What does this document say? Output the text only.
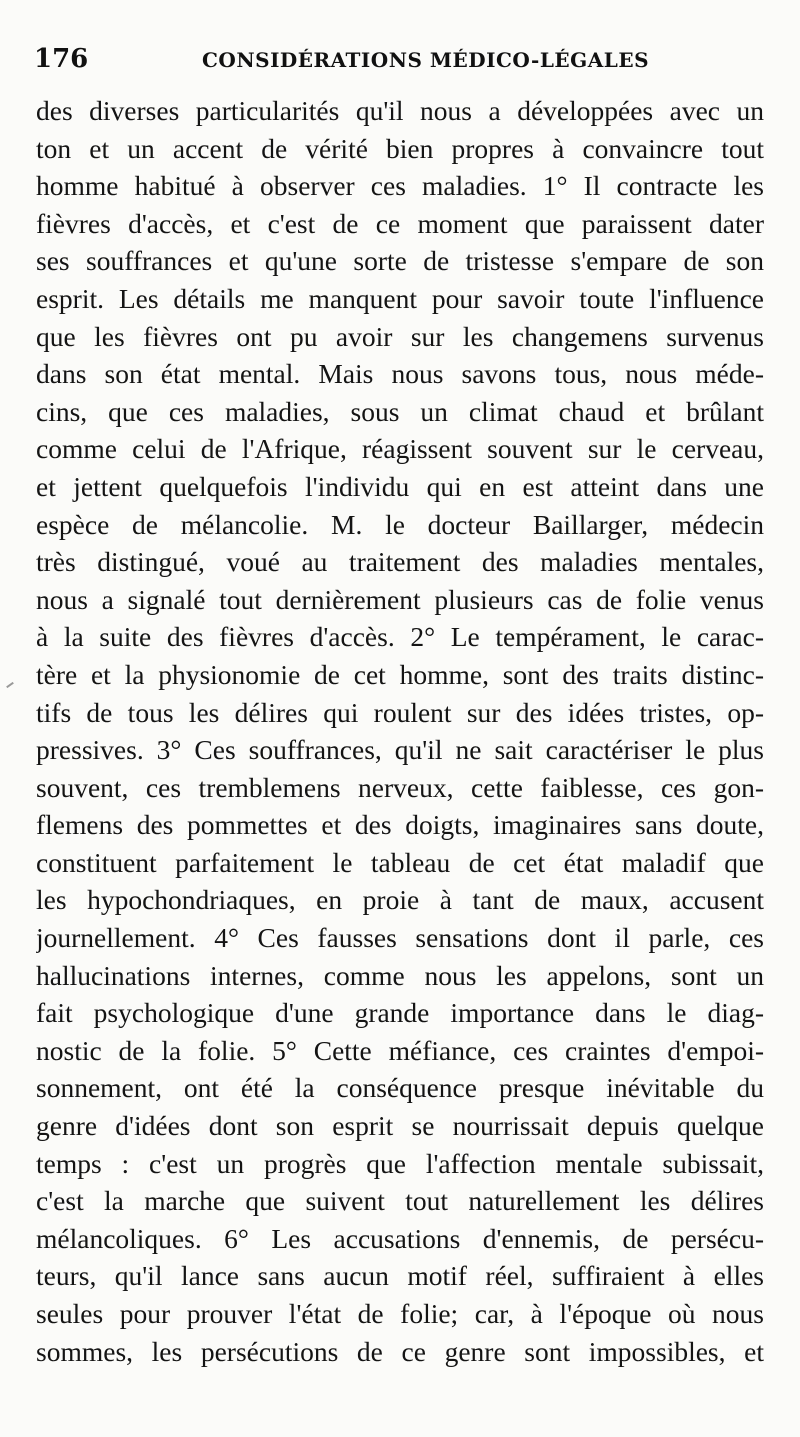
176	CONSIDÉRATIONS MÉDICO-LÉGALES
des diverses particularités qu'il nous a développées avec un
ton et un accent de vérité bien propres à convaincre tout
homme habitué à observer ces maladies. 1° Il contracte les
fièvres d'accès, et c'est de ce moment que paraissent dater
ses souffrances et qu'une sorte de tristesse s'empare de son
esprit. Les détails me manquent pour savoir toute l'influence
que les fièvres ont pu avoir sur les changemens survenus
dans son état mental. Mais nous savons tous, nous méde-
cins, que ces maladies, sous un climat chaud et brûlant
comme celui de l'Afrique, réagissent souvent sur le cerveau,
et jettent quelquefois l'individu qui en est atteint dans une
espèce de mélancolie. M. le docteur Baillarger, médecin
très distingué, voué au traitement des maladies mentales,
nous a signalé tout dernièrement plusieurs cas de folie venus
à la suite des fièvres d'accès. 2° Le tempérament, le carac-
tère et la physionomie de cet homme, sont des traits distinc-
tifs de tous les délires qui roulent sur des idées tristes, op-
pressives. 3° Ces souffrances, qu'il ne sait caractériser le plus
souvent, ces tremblemens nerveux, cette faiblesse, ces gon-
flemens des pommettes et des doigts, imaginaires sans doute,
constituent parfaitement le tableau de cet état maladif que
les hypochondriaques, en proie à tant de maux, accusent
journellement. 4° Ces fausses sensations dont il parle, ces
hallucinations internes, comme nous les appelons, sont un
fait psychologique d'une grande importance dans le diag-
nostic de la folie. 5° Cette méfiance, ces craintes d'empoi-
sonnement, ont été la conséquence presque inévitable du
genre d'idées dont son esprit se nourrissait depuis quelque
temps : c'est un progrès que l'affection mentale subissait,
c'est la marche que suivent tout naturellement les délires
mélancoliques. 6° Les accusations d'ennemis, de persécu-
teurs, qu'il lance sans aucun motif réel, suffiraient à elles
seules pour prouver l'état de folie; car, à l'époque où nous
sommes, les persécutions de ce genre sont impossibles, et
